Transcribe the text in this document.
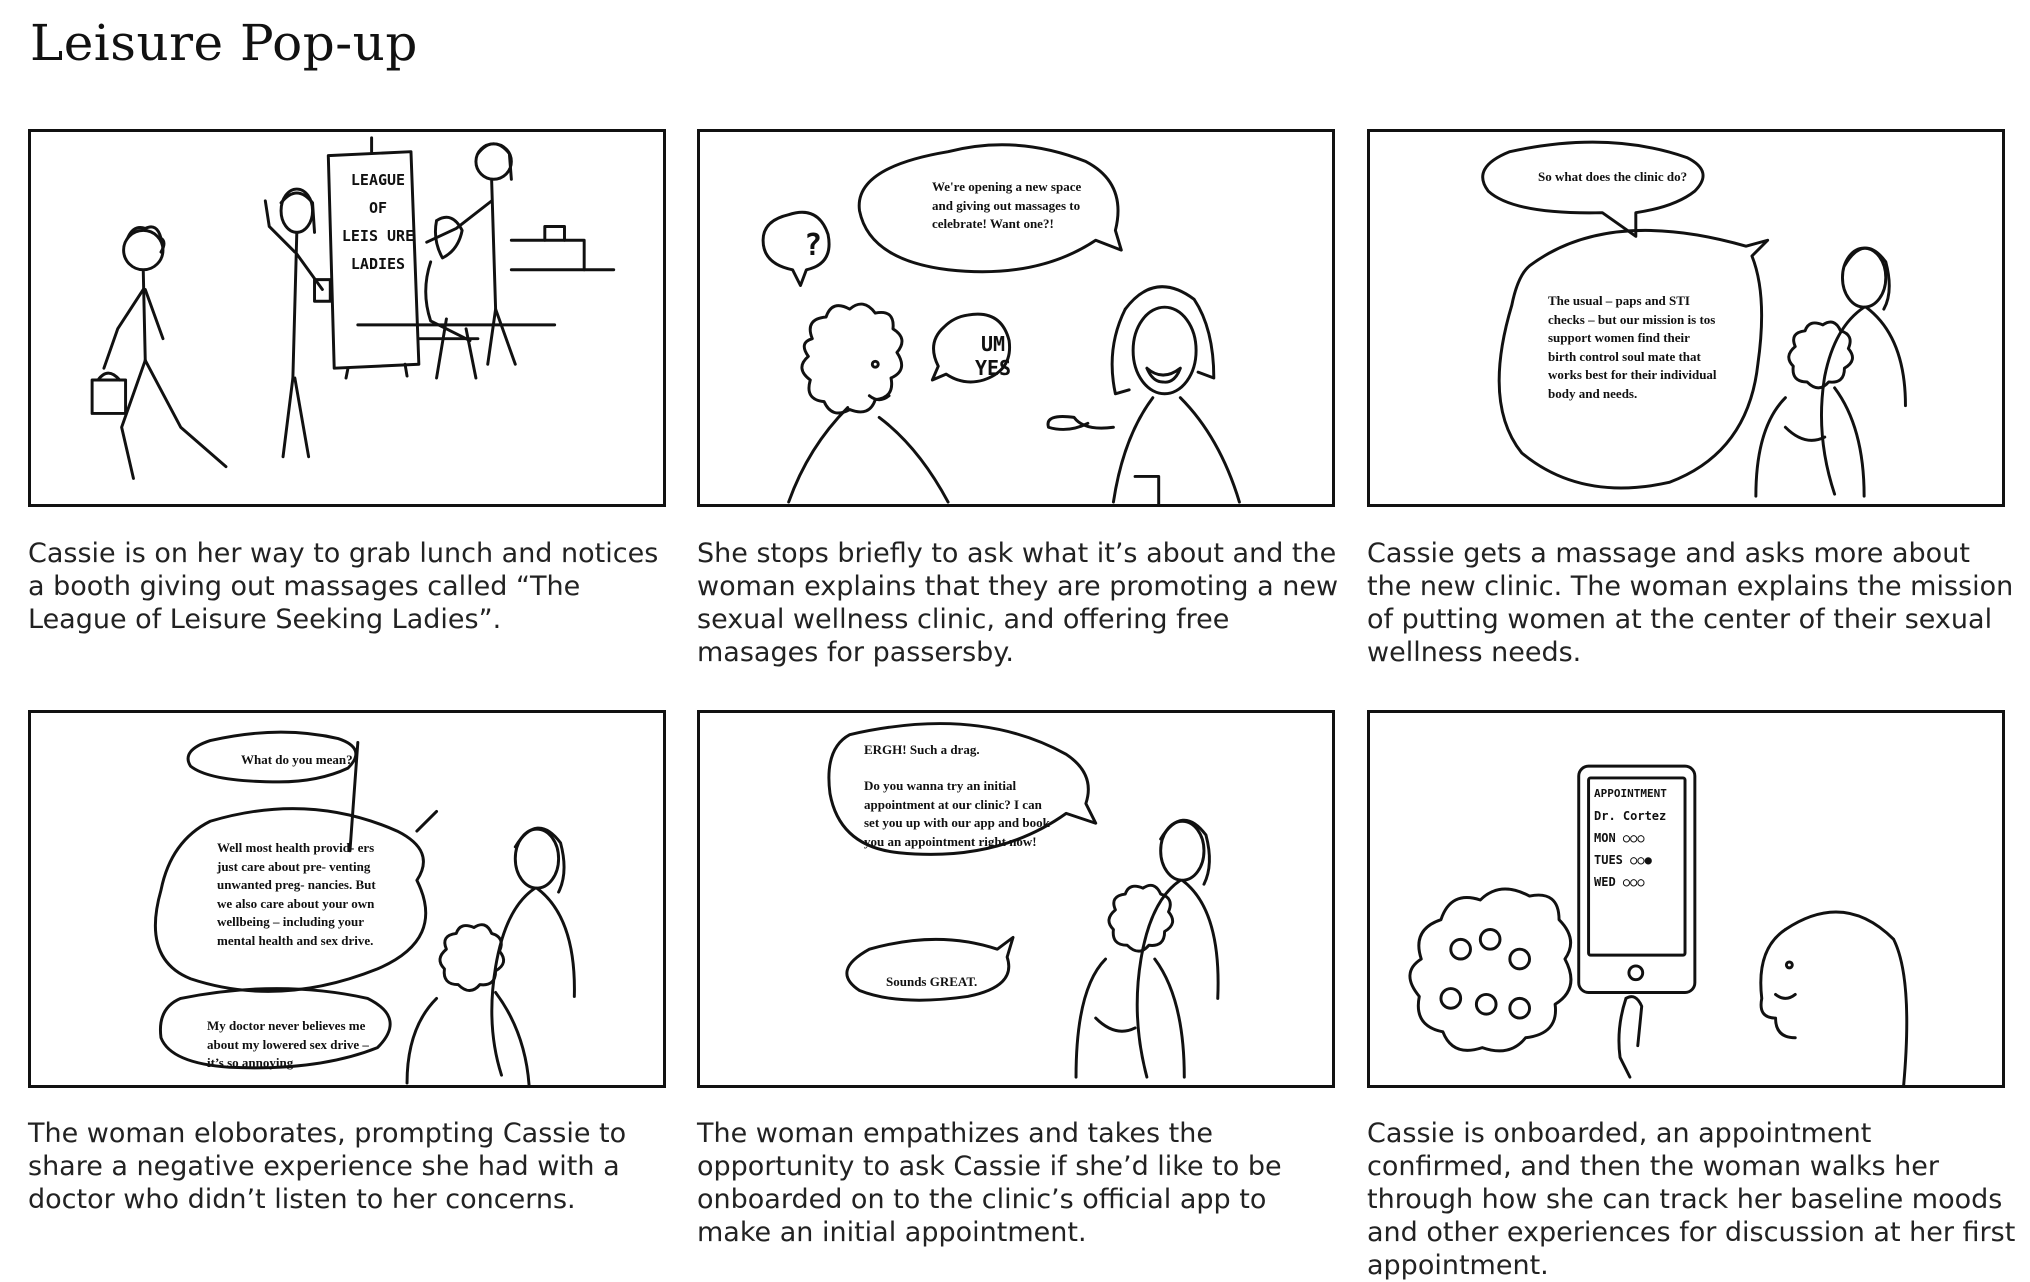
Leisure Pop-up
LEAGUE
OF
LEIS URE
LADIES
Cassie is on her way to grab lunch and notices a booth giving out massages called “The League of Leisure Seeking Ladies”.
We're opening a new space and giving out massages to celebrate! Want one?!
?
UM YES
She stops briefly to ask what it’s about and the woman explains that they are promoting a new sexual wellness clinic, and offering free masages for passersby.
So what does the clinic do?
The usual – paps and STI checks – but our mission is tos support women find their birth control soul mate that works best for their individual body and needs.
Cassie gets a massage and asks more about the new clinic. The woman explains the mission of putting women at the center of their sexual wellness needs.
What do you mean?
Well most health provid- ers just care about pre- venting unwanted preg- nancies. But we also care about your own wellbeing – including your mental health and sex drive.
My doctor never believes me about my lowered sex drive – it’s so annoying.
The woman eloborates, prompting Cassie to share a negative experience she had with a doctor who didn’t listen to her concerns.
ERGH! Such a drag.
Do you wanna try an initial appointment at our clinic? I can set you up with our app and book you an appointment right now!
Sounds GREAT.
The woman empathizes and takes the opportunity to ask Cassie if she’d like to be onboarded on to the clinic’s official app to make an initial appointment.
APPOINTMENT
Dr. Cortez
MON ○○○
TUES ○○●
WED ○○○
Cassie is onboarded, an appointment confirmed, and then the woman walks her through how she can track her baseline moods and other experiences for discussion at her first appointment.
